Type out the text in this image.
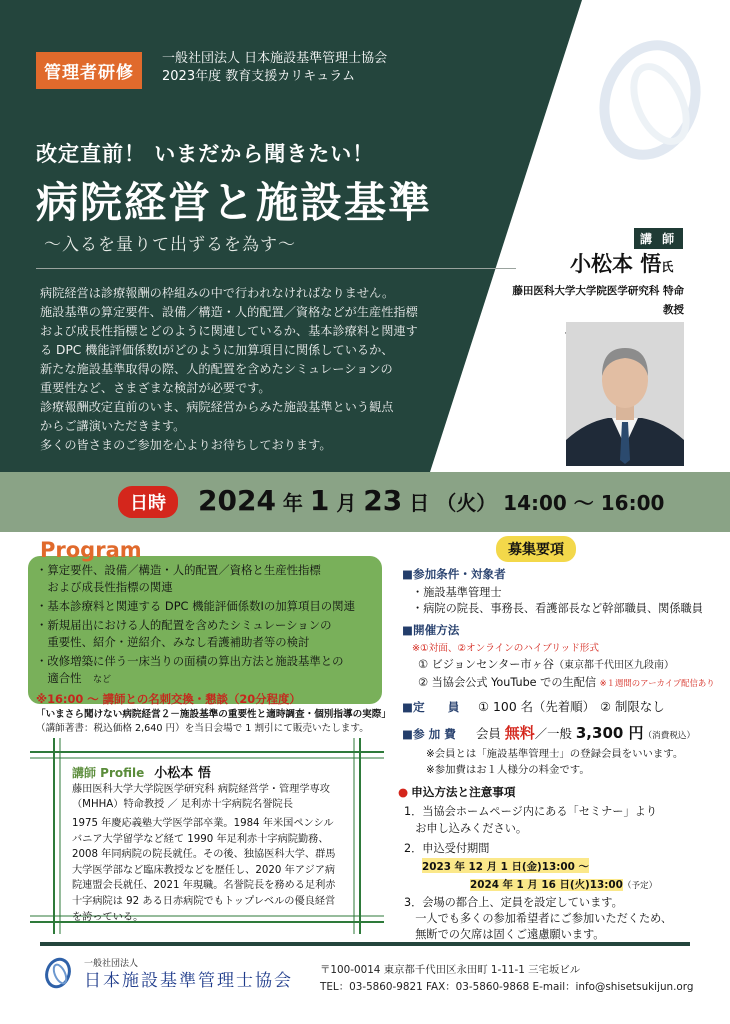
管理者研修
一般社団法人 日本施設基準管理士協会
2023年度 教育支援カリキュラム
改定直前！ いまだから聞きたい！
病院経営と施設基準
〜入るを量りて出ずるを為す〜
病院経営は診療報酬の枠組みの中で行われなければなりません。
施設基準の算定要件、設備／構造・人的配置／資格などが生産性指標
および成長性指標とどのように関連しているか、基本診療料と関連す
る DPC 機能評価係数Ⅰがどのように加算項目に関係しているか、
新たな施設基準取得の際、人的配置を含めたシミュレーションの
重要性など、さまざまな検討が必要です。
診療報酬改定直前のいま、病院経営からみた施設基準という観点
からご講演いただきます。
多くの皆さまのご参加を心よりお待ちしております。
講 師
小松本 悟氏
藤田医科大学大学院医学研究科 特命教授
日時	2024 年 1 月 23 日 （火） 14:00 〜 16:00
Program
・算定要件、設備／構造・人的配置／資格と生産性指標
　および成長性指標の関連
・基本診療料と関連する DPC 機能評価係数Ⅰの加算項目の関連
・新規届出における人的配置を含めたシミュレーションの
　重要性、紹介・逆紹介、みなし看護補助者等の検討
・改修増築に伴う一床当りの面積の算出方法と施設基準との
　適合性　 など
※16:00 〜 講師との名刺交換・懇談（20分程度）
「いまさら聞けない病院経営２－施設基準の重要性と適時調査・個別指導の実際」
（講師著書：税込価格 2,640 円）を当日会場で 1 割引にて販売いたします。
講師 Profile 小松本 悟
藤田医科大学大学院医学研究科 病院経営学・管理学専攻
（MHHA）特命教授 ／ 足利赤十字病院名誉院長
1975 年慶応義塾大学医学部卒業。1984 年米国ペンシル
バニア大学留学など経て 1990 年足利赤十字病院勤務、
2008 年同病院の院長就任。その後、独協医科大学、群馬
大学医学部など臨床教授などを歴任し、2020 年アジア病
院連盟会長就任、2021 年現職。名誉院長を務める足利赤
十字病院は 92 ある日赤病院でもトップレベルの優良経営
を誇っている。
募集要項
■ 参加条件・対象者
・施設基準管理士
・病院の院長、事務長、看護部長など幹部職員、関係職員
■ 開催方法
※①対面、②オンラインのハイブリッド形式
① ビジョンセンター市ヶ谷（東京都千代田区九段南）
② 当協会公式 YouTube での生配信 ※１週間のアーカイブ配信あり
■ 定　　員 ① 100 名（先着順） ② 制限なし
■ 参 加 費 会員 無料／一般 3,300 円（消費税込）
※会員とは「施設基準管理士」の登録会員をいいます。
※参加費はお１人様分の料金です。
● 申込方法と注意事項
1．当協会ホームページ内にある「セミナー」より
　お申し込みください。
2．申込受付期間
2023 年 12 月 1 日(金)13:00 〜
2024 年 1 月 16 日(火)13:00（予定）
3．会場の都合上、定員を設定しています。
　一人でも多くの参加希望者にご参加いただくため、
　無断での欠席は固くご遠慮願います。
一般社団法人
日本施設基準管理士協会
〒100-0014 東京都千代田区永田町 1-11-1 三宅坂ビル
TEL：03-5860-9821 FAX：03-5860-9868 E-mail：info@shisetsukijun.org
